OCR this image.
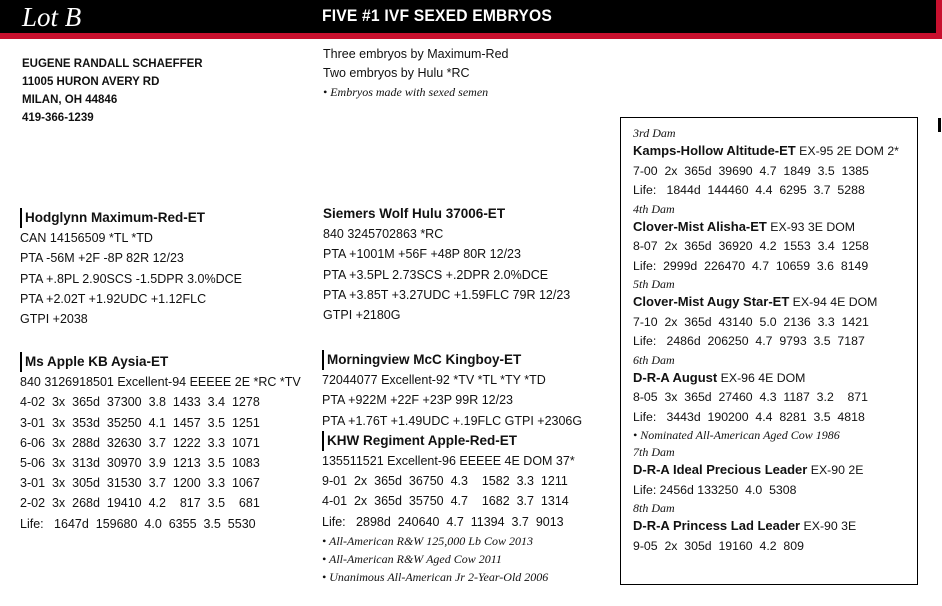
Lot B	FIVE #1 IVF SEXED EMBRYOS
EUGENE RANDALL SCHAEFFER
11005 HURON AVERY RD
MILAN, OH 44846
419-366-1239
Three embryos by Maximum-Red
Two embryos by Hulu *RC
• Embryos made with sexed semen
Hodglynn Maximum-Red-ET
CAN 14156509 *TL *TD
PTA -56M +2F -8P 82R 12/23
PTA +.8PL 2.90SCS -1.5DPR 3.0%DCE
PTA +2.02T +1.92UDC +1.12FLC
GTPI +2038
Siemers Wolf Hulu 37006-ET
840 3245702863 *RC
PTA +1001M +56F +48P 80R 12/23
PTA +3.5PL 2.73SCS +.2DPR 2.0%DCE
PTA +3.85T +3.27UDC +1.59FLC 79R 12/23
GTPI +2180G
Ms Apple KB Aysia-ET
840 3126918501 Excellent-94 EEEEE 2E *RC *TV
4-02  3x  365d  37300  3.8  1433  3.4  1278
3-01  3x  353d  35250  4.1  1457  3.5  1251
6-06  3x  288d  32630  3.7  1222  3.3  1071
5-06  3x  313d  30970  3.9  1213  3.5  1083
3-01  3x  305d  31530  3.7  1200  3.3  1067
2-02  3x  268d  19410  4.2    817  3.5    681
Life:   1647d  159680  4.0  6355  3.5  5530
Morningview McC Kingboy-ET
72044077 Excellent-92 *TV *TL *TY *TD
PTA +922M +22F +23P 99R 12/23
PTA +1.76T +1.49UDC +.19FLC GTPI +2306G
KHW Regiment Apple-Red-ET
135511521 Excellent-96 EEEEE 4E DOM 37*
9-01  2x  365d  36750  4.3    1582  3.3  1211
4-01  2x  365d  35750  4.7    1682  3.7  1314
Life:   2898d  240640  4.7  11394  3.7  9013
• All-American R&W 125,000 Lb Cow 2013
• All-American R&W Aged Cow 2011
• Unanimous All-American Jr 2-Year-Old 2006
3rd Dam
Kamps-Hollow Altitude-ET EX-95 2E DOM 2*
7-00  2x  365d  39690  4.7  1849  3.5  1385
Life:   1844d  144460  4.4  6295  3.7  5288
4th Dam
Clover-Mist Alisha-ET EX-93 3E DOM
8-07  2x  365d  36920  4.2  1553  3.4  1258
Life:  2999d  226470  4.7  10659  3.6  8149
5th Dam
Clover-Mist Augy Star-ET EX-94 4E DOM
7-10  2x  365d  43140  5.0  2136  3.3  1421
Life:   2486d  206250  4.7  9793  3.5  7187
6th Dam
D-R-A August EX-96 4E DOM
8-05  3x  365d  27460  4.3  1187  3.2    871
Life:   3443d  190200  4.4  8281  3.5  4818
• Nominated All-American Aged Cow 1986
7th Dam
D-R-A Ideal Precious Leader EX-90 2E
Life: 2456d 133250  4.0  5308
8th Dam
D-R-A Princess Lad Leader EX-90 3E
9-05  2x  305d  19160  4.2  809
